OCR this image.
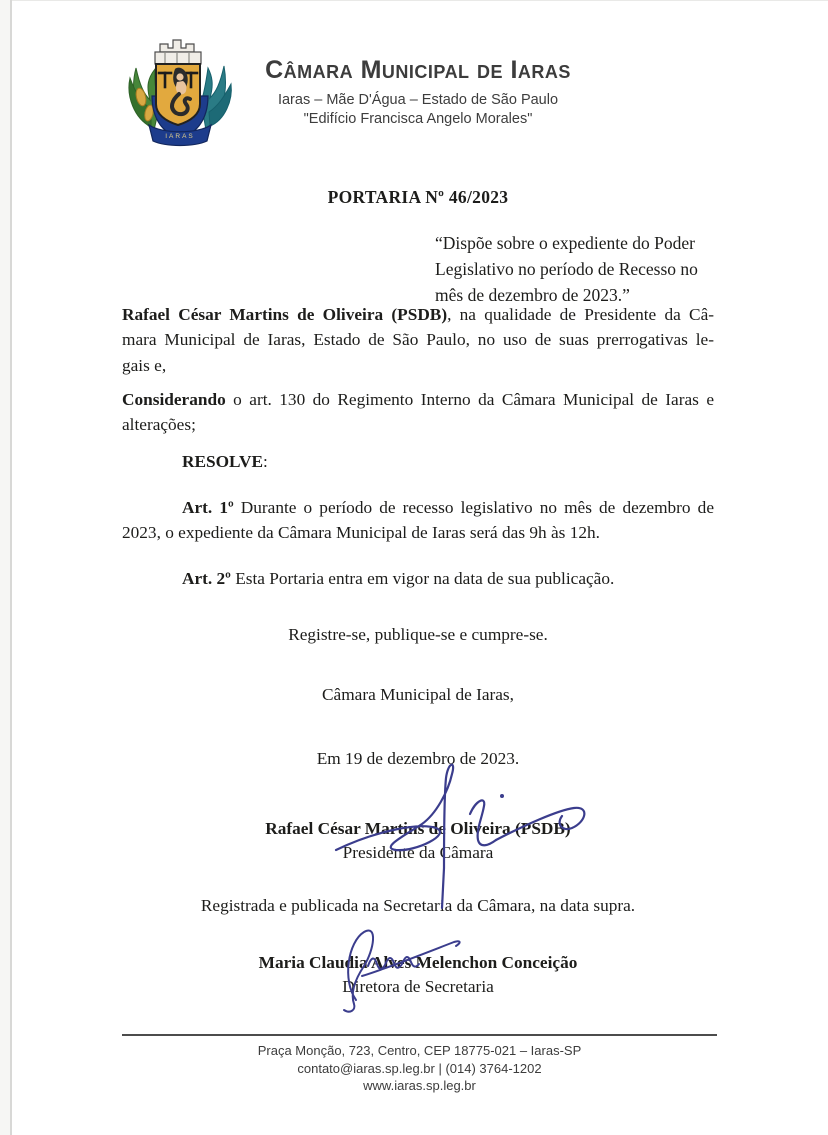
IARAS
Câmara Municipal de Iaras
Iaras – Mãe D'Água – Estado de São Paulo
"Edifício Francisca Angelo Morales"
PORTARIA Nº 46/2023
“Dispõe sobre o expediente do Poder
Legislativo no período de Recesso no
mês de dezembro de 2023.”
Rafael César Martins de Oliveira (PSDB), na qualidade de Presidente da Câ-
mara Municipal de Iaras, Estado de São Paulo, no uso de suas prerrogativas le-
gais e,
Considerando o art. 130 do Regimento Interno da Câmara Municipal de Iaras e
alterações;
RESOLVE:
Art. 1º Durante o período de recesso legislativo no mês de dezembro de
2023, o expediente da Câmara Municipal de Iaras será das 9h às 12h.
Art. 2º Esta Portaria entra em vigor na data de sua publicação.
Registre-se, publique-se e cumpre-se.
Câmara Municipal de Iaras,
Em 19 de dezembro de 2023.
Rafael César Martins de Oliveira (PSDB)
Presidente da Câmara
Registrada e publicada na Secretaria da Câmara, na data supra.
Maria Claudia Alves Melenchon Conceição
Diretora de Secretaria
Praça Monção, 723, Centro, CEP 18775-021 – Iaras-SP
contato@iaras.sp.leg.br | (014) 3764-1202
www.iaras.sp.leg.br
